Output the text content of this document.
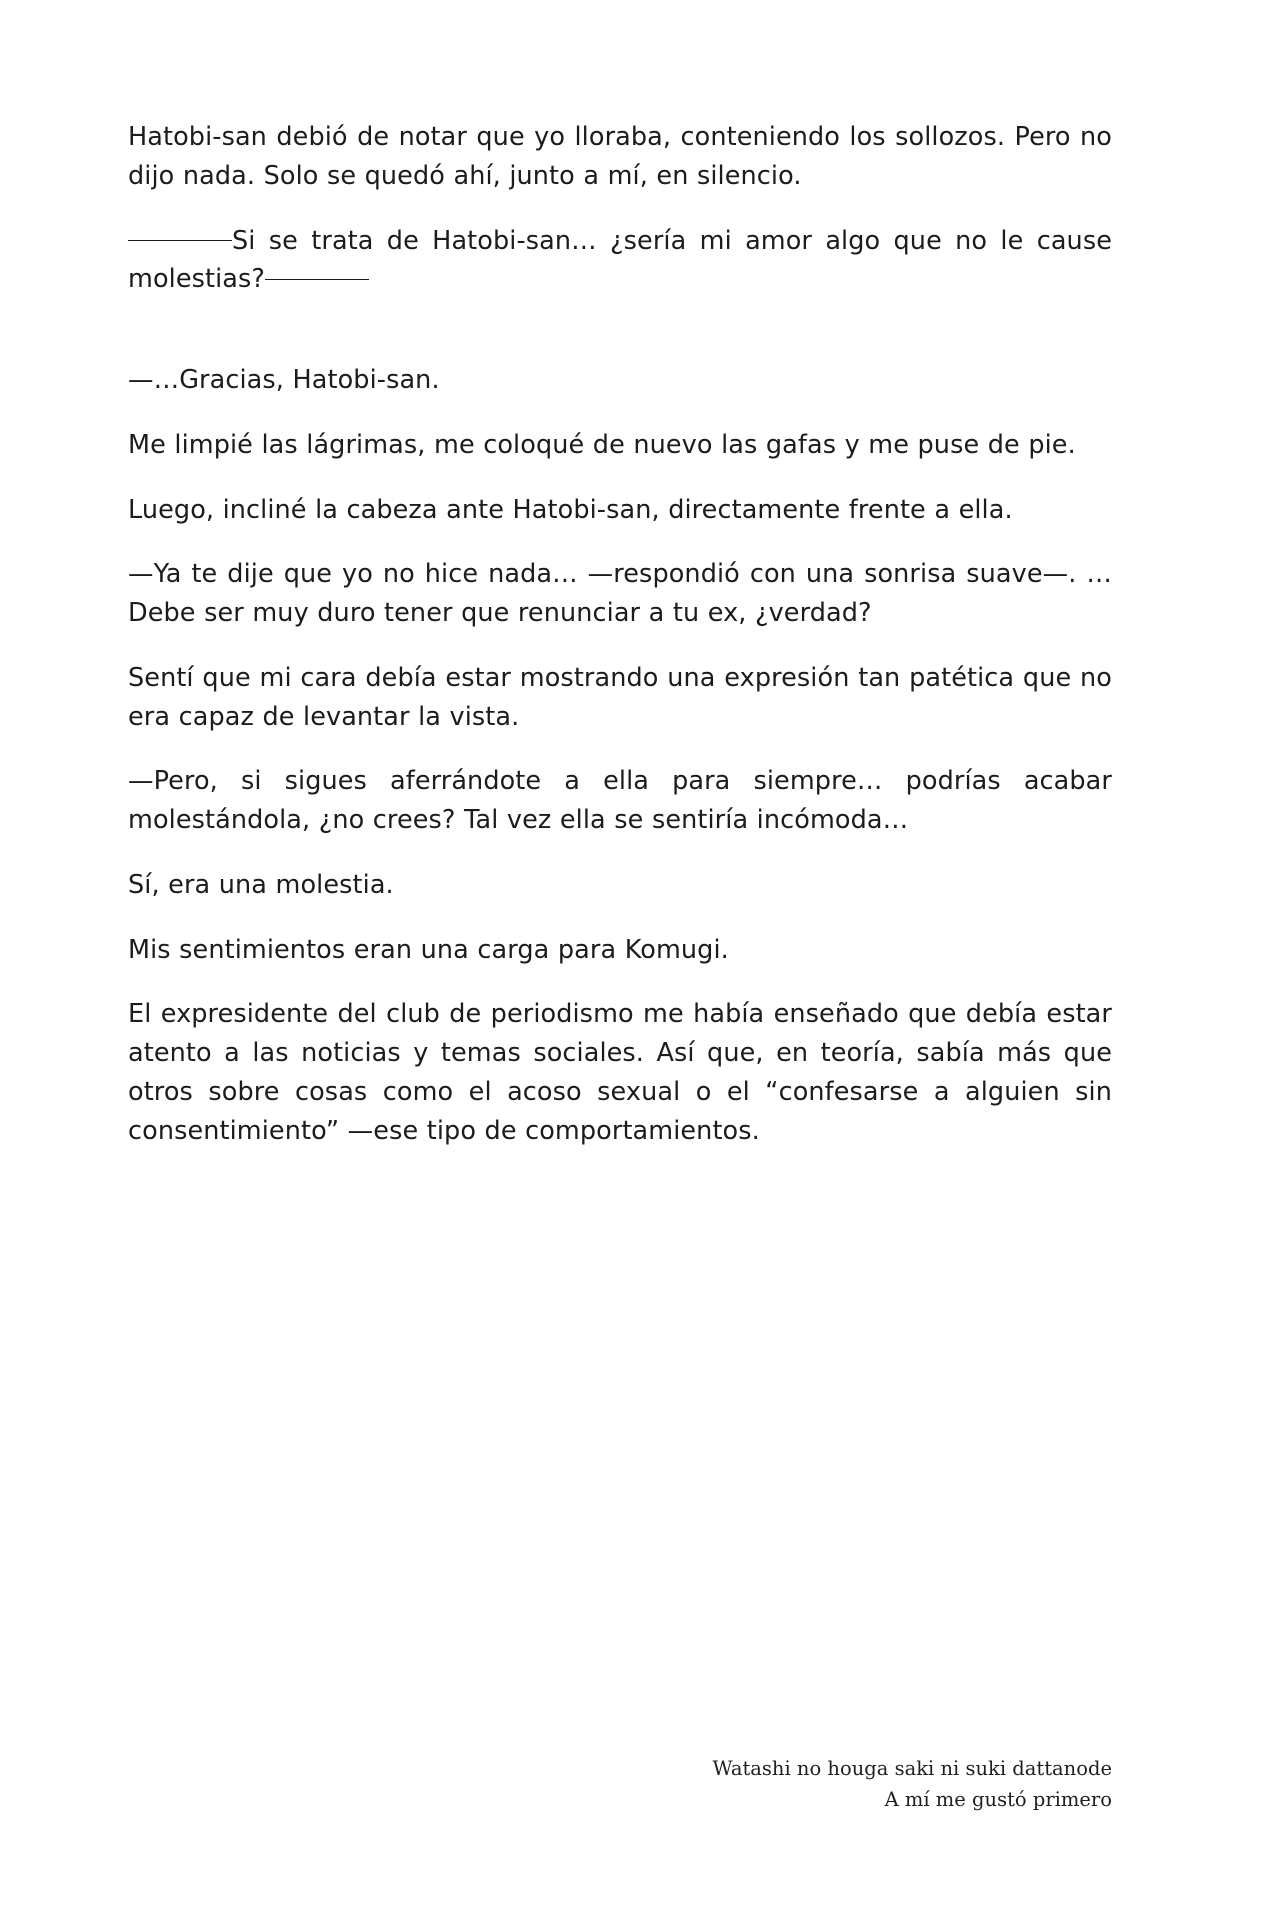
Hatobi-san debió de notar que yo lloraba, conteniendo los sollozos. Pero no dijo nada. Solo se quedó ahí, junto a mí, en silencio.

Si se trata de Hatobi-san… ¿sería mi amor algo que no le cause molestias?

—…Gracias, Hatobi-san.

Me limpié las lágrimas, me coloqué de nuevo las gafas y me puse de pie.

Luego, incliné la cabeza ante Hatobi-san, directamente frente a ella.

—Ya te dije que yo no hice nada… —respondió con una sonrisa suave—. …Debe ser muy duro tener que renunciar a tu ex, ¿verdad?

Sentí que mi cara debía estar mostrando una expresión tan patética que no era capaz de levantar la vista.

—Pero, si sigues aferrándote a ella para siempre… podrías acabar molestándola, ¿no crees? Tal vez ella se sentiría incómoda…

Sí, era una molestia.

Mis sentimientos eran una carga para Komugi.

El expresidente del club de periodismo me había enseñado que debía estar atento a las noticias y temas sociales. Así que, en teoría, sabía más que otros sobre cosas como el acoso sexual o el “confesarse a alguien sin consentimiento” —ese tipo de comportamientos.

Watashi no houga saki ni suki dattanode
A mí me gustó primero
